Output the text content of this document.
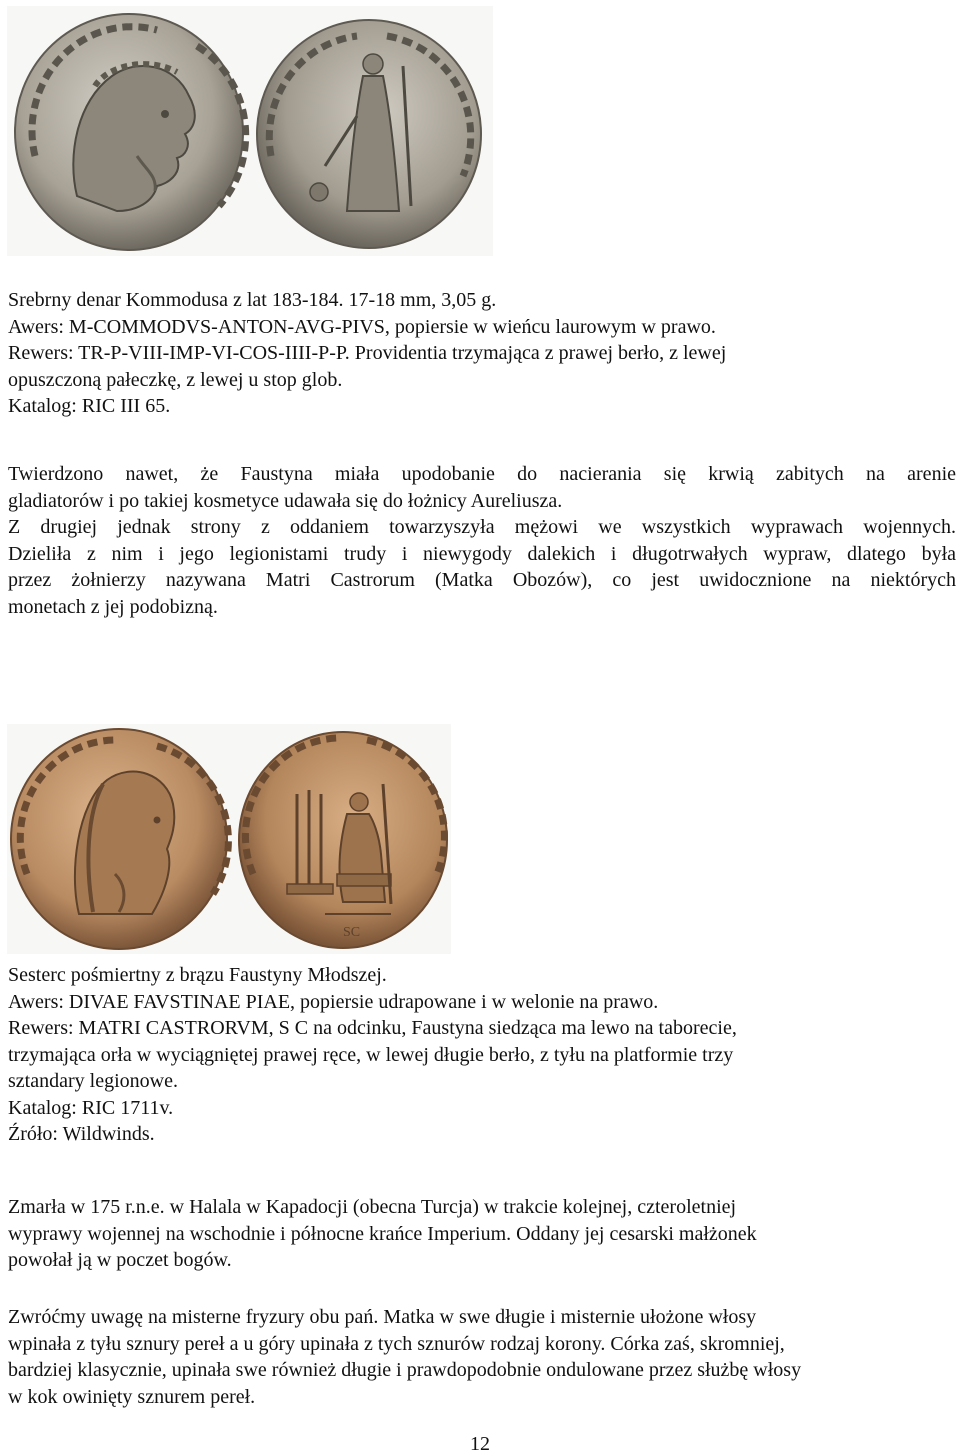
Srebrny denar Kommodusa z lat 183-184. 17-18 mm, 3,05 g.
Awers: M-COMMODVS-ANTON-AVG-PIVS, popiersie w wieńcu laurowym w prawo.
Rewers: TR-P-VIII-IMP-VI-COS-IIII-P-P. Providentia trzymająca z prawej berło, z lewej
opuszczoną pałeczkę, z lewej u stop glob.
Katalog: RIC III 65.
Twierdzono nawet, że Faustyna miała upodobanie do nacierania się krwią zabitych na arenie
gladiatorów i po takiej kosmetyce udawała się do łożnicy Aureliusza.
Z drugiej jednak strony z oddaniem towarzyszyła mężowi we wszystkich wyprawach wojennych.
Dzieliła z nim i jego legionistami trudy i niewygody dalekich i długotrwałych wypraw, dlatego była
przez żołnierzy nazywana Matri Castrorum (Matka Obozów), co jest uwidocznione na niektórych
monetach z jej podobizną.
SC
Sesterc pośmiertny z brązu Faustyny Młodszej.
Awers: DIVAE FAVSTINAE PIAE, popiersie udrapowane i w welonie na prawo.
Rewers: MATRI CASTRORVM, S C na odcinku, Faustyna siedząca ma lewo na taborecie,
trzymająca orła w wyciągniętej prawej ręce, w lewej długie berło, z tyłu na platformie trzy
sztandary legionowe.
Katalog: RIC 1711v.
Źróło: Wildwinds.
Zmarła w 175 r.n.e. w Halala w Kapadocji (obecna Turcja) w trakcie kolejnej, czteroletniej
wyprawy wojennej na wschodnie i północne krańce Imperium. Oddany jej cesarski małżonek
powołał ją w poczet bogów.
Zwróćmy uwagę na misterne fryzury obu pań. Matka w swe długie i misternie ułożone włosy
wpinała z tyłu sznury pereł a u góry upinała z tych sznurów rodzaj korony. Córka zaś, skromniej,
bardziej klasycznie, upinała swe również długie i prawdopodobnie ondulowane przez służbę włosy
w kok owinięty sznurem pereł.
12
